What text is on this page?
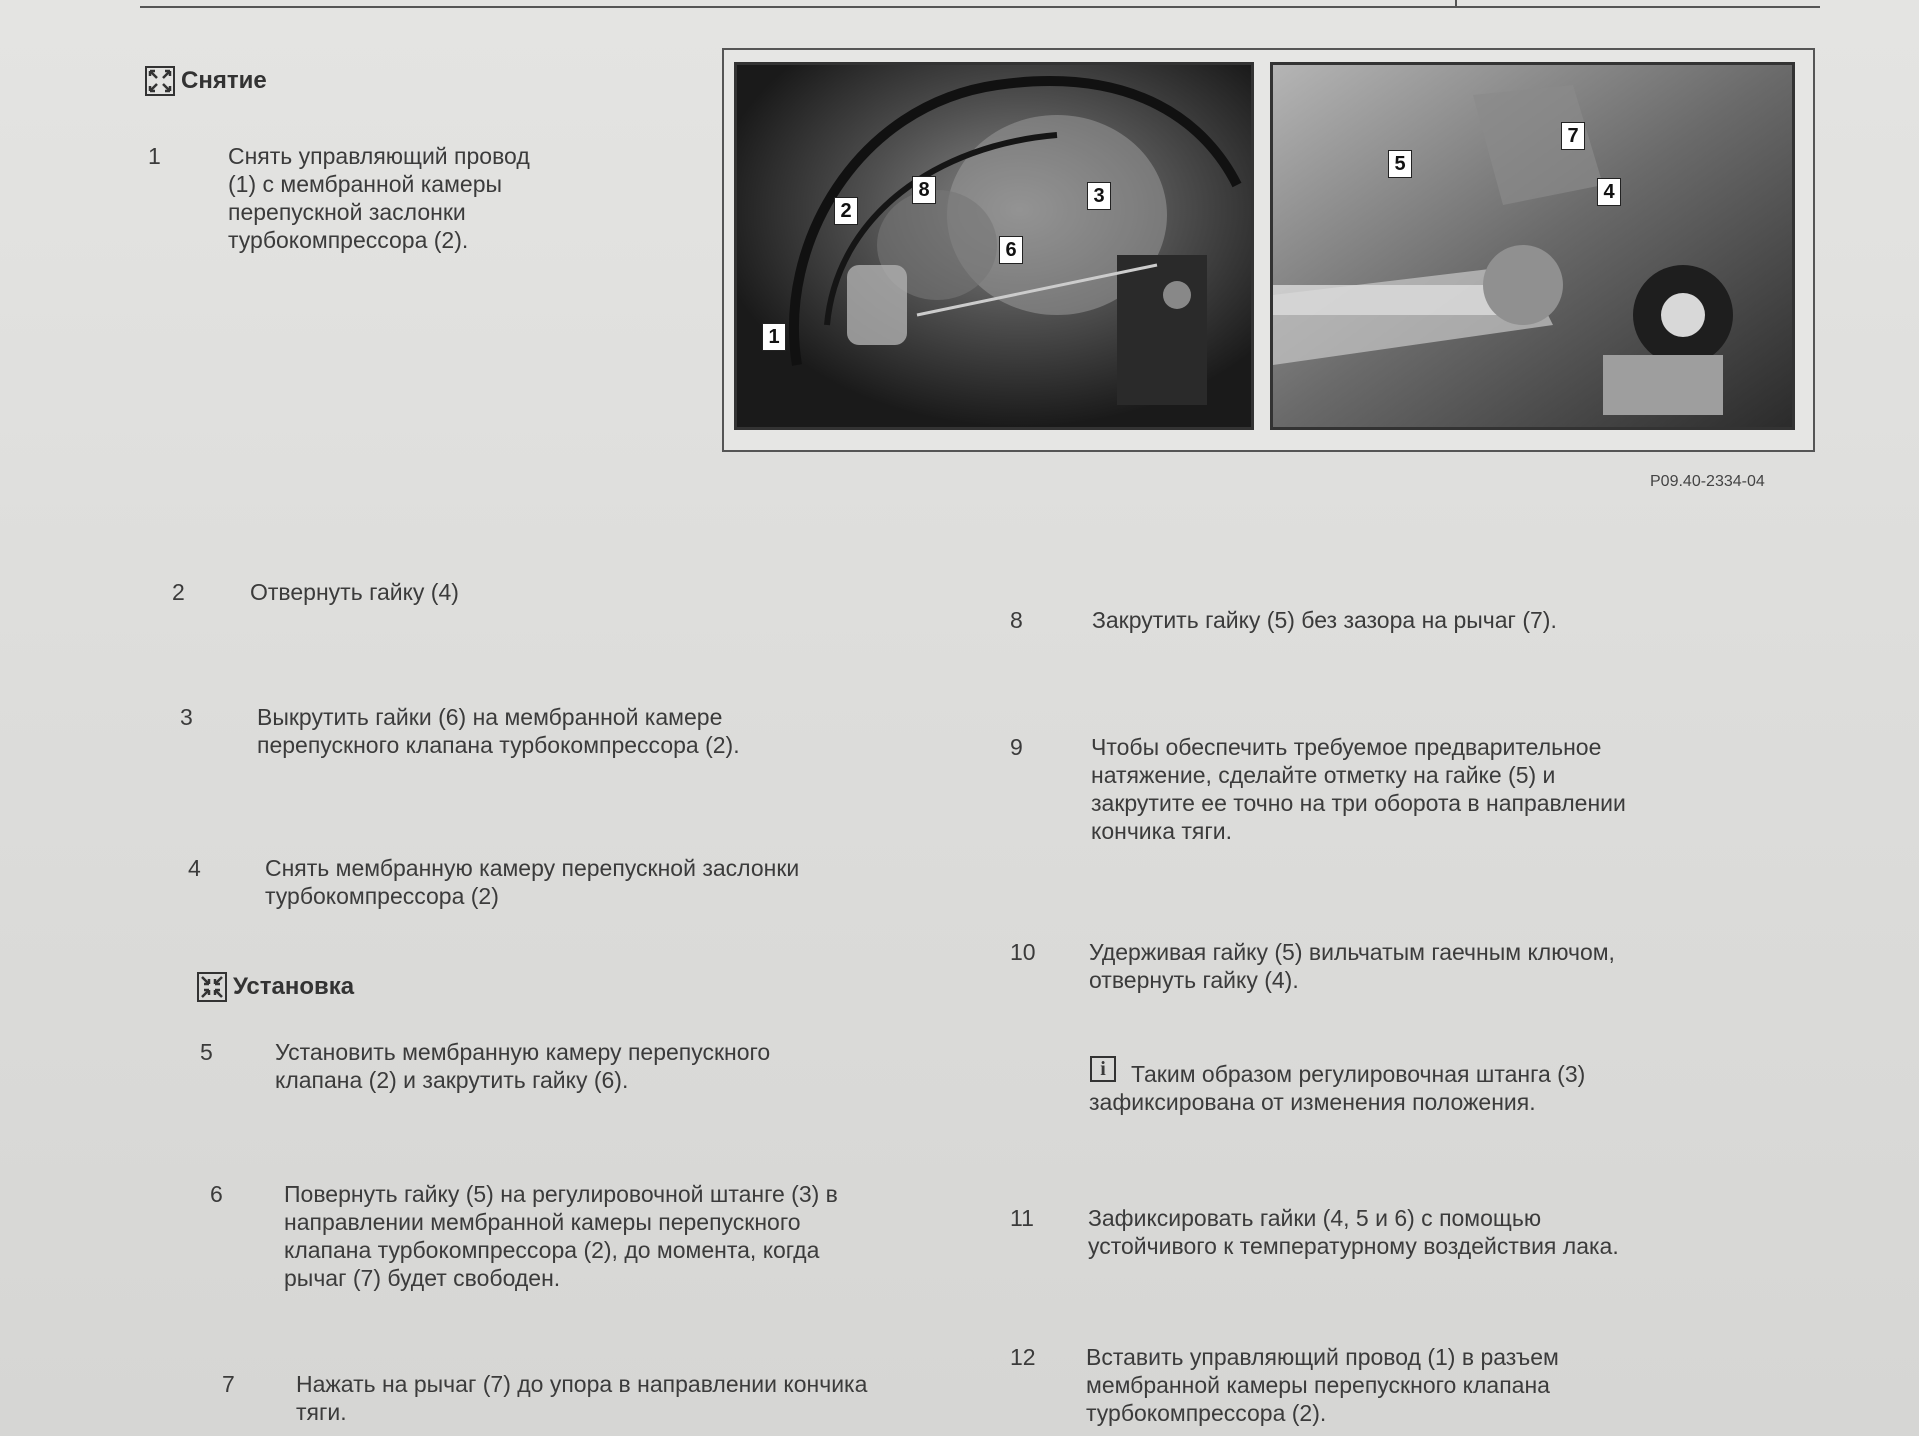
Снятие
1
2
8	3
6
5
7
4
P09.40-2334-04
1	Снять управляющий провод
(1) с мембранной камеры
перепускной заслонки
турбокомпрессора (2).
2	Отвернуть гайку (4)
3	Выкрутить гайки (6) на мембранной камере
перепускного клапана турбокомпрессора (2).
4	Снять мембранную камеру перепускной заслонки
турбокомпрессора (2)
Установка
5	Установить мембранную камеру перепускного
клапана (2) и закрутить гайку (6).
6	Повернуть гайку (5) на регулировочной штанге (3) в
направлении мембранной камеры перепускного
клапана турбокомпрессора (2), до момента, когда
рычаг (7) будет свободен.
7	Нажать на рычаг (7) до упора в направлении кончика
тяги.
8	Закрутить гайку (5) без зазора на рычаг (7).
9	Чтобы обеспечить требуемое предварительное
натяжение, сделайте отметку на гайке (5) и
закрутите ее точно на три оборота в направлении
кончика тяги.
10 Удерживая гайку (5) вильчатым гаечным ключом,
отвернуть гайку (4).
i	Таким образом регулировочная штанга (3)
зафиксирована от изменения положения.
11 Зафиксировать гайки (4, 5 и 6) с помощью
устойчивого к температурному воздействия лака.
12 Вставить управляющий провод (1) в разъем
мембранной камеры перепускного клапана
турбокомпрессора (2).
